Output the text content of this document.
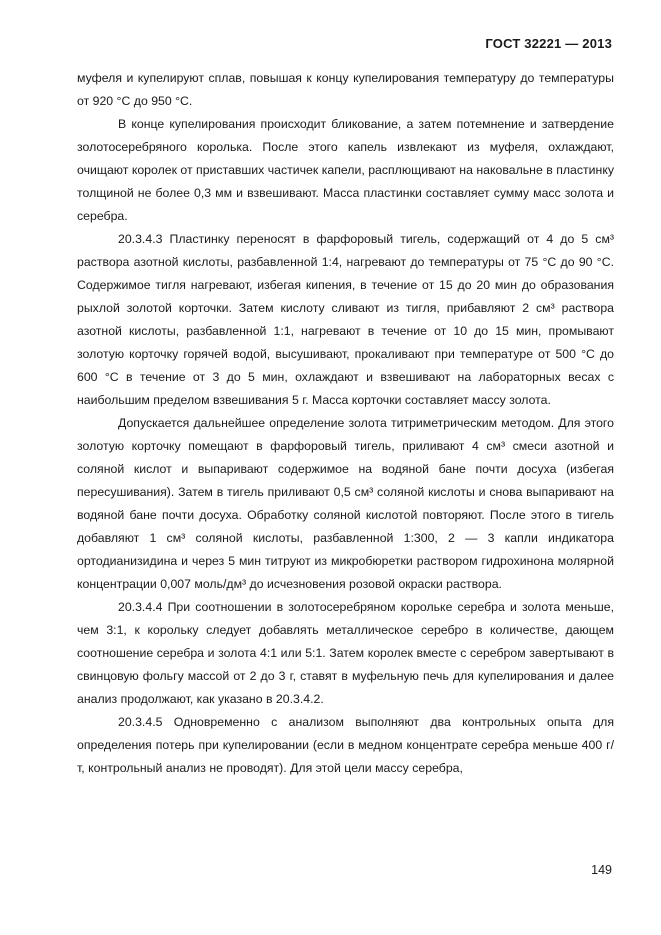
ГОСТ 32221 — 2013

муфеля и купелируют сплав, повышая к концу купелирования температуру до температуры от 920 °С до 950 °С.

В конце купелирования происходит бликование, а затем потемнение и затвердение золотосеребряного королька. После этого капель извлекают из муфеля, охлаждают, очищают королек от приставших частичек капели, расплющивают на наковальне в пластинку толщиной не более 0,3 мм и взвешивают. Масса пластинки составляет сумму масс золота и серебра.

20.3.4.3 Пластинку переносят в фарфоровый тигель, содержащий от 4 до 5 см³ раствора азотной кислоты, разбавленной 1:4, нагревают до температуры от 75 °С до 90 °С. Содержимое тигля нагревают, избегая кипения, в течение от 15 до 20 мин до образования рыхлой золотой корточки. Затем кислоту сливают из тигля, прибавляют 2 см³ раствора азотной кислоты, разбавленной 1:1, нагревают в течение от 10 до 15 мин, промывают золотую корточку горячей водой, высушивают, прокаливают при температуре от 500 °С до 600 °С в течение от 3 до 5 мин, охлаждают и взвешивают на лабораторных весах с наибольшим пределом взвешивания 5 г. Масса корточки составляет массу золота.

Допускается дальнейшее определение золота титриметрическим методом. Для этого золотую корточку помещают в фарфоровый тигель, приливают 4 см³ смеси азотной и соляной кислот и выпаривают содержимое на водяной бане почти досуха (избегая пересушивания). Затем в тигель приливают 0,5 см³ соляной кислоты и снова выпаривают на водяной бане почти досуха. Обработку соляной кислотой повторяют. После этого в тигель добавляют 1 см³ соляной кислоты, разбавленной 1:300, 2 — 3 капли индикатора ортодианизидина и через 5 мин титруют из микробюретки раствором гидрохинона молярной концентрации 0,007 моль/дм³ до исчезновения розовой окраски раствора.

20.3.4.4 При соотношении в золотосеребряном корольке серебра и золота меньше, чем 3:1, к корольку следует добавлять металлическое серебро в количестве, дающем соотношение серебра и золота 4:1 или 5:1. Затем королек вместе с серебром завертывают в свинцовую фольгу массой от 2 до 3 г, ставят в муфельную печь для купелирования и далее анализ продолжают, как указано в 20.3.4.2.

20.3.4.5 Одновременно с анализом выполняют два контрольных опыта для определения потерь при купелировании (если в медном концентрате серебра меньше 400 г/т, контрольный анализ не проводят). Для этой цели массу серебра,

149
